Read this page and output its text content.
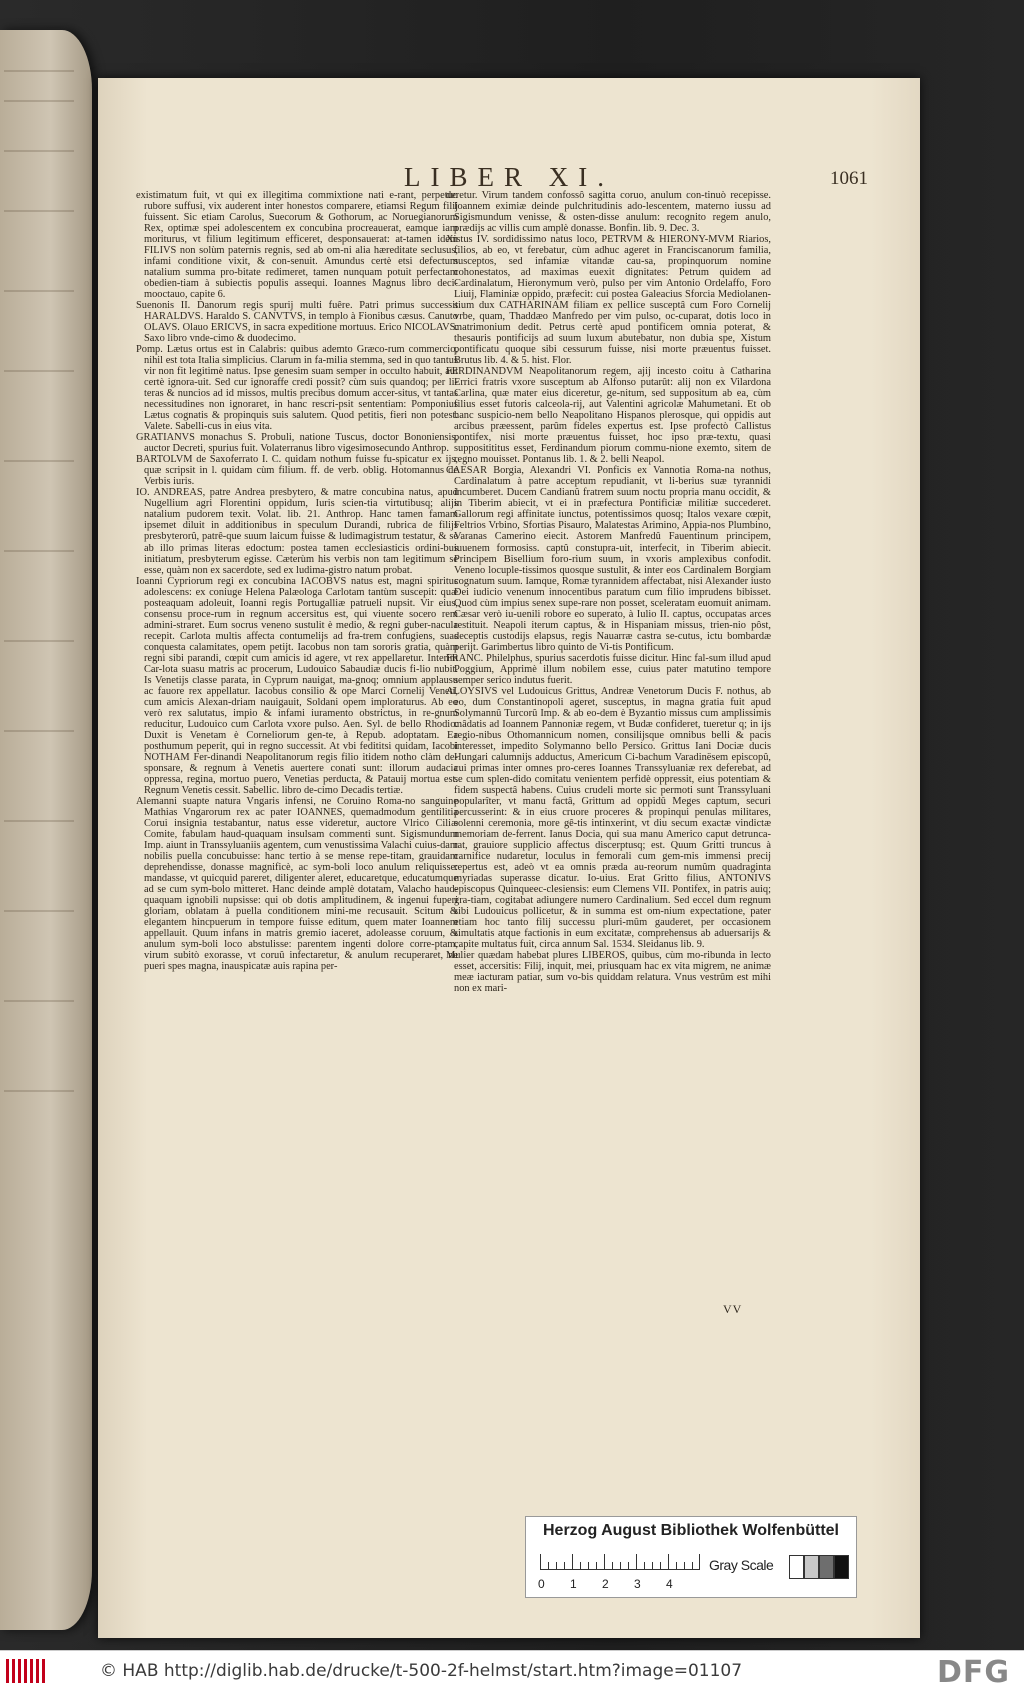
LIBER XI.	1061

existimatum fuit, vt qui ex illegitima commixtione nati e-rant, perpetuo rubore suffusi, vix auderent inter honestos comparere, etiamsi Regum filij fuissent. Sic etiam Carolus, Suecorum & Gothorum, ac Noruegianorum Rex, optimæ spei adolescentem ex concubina procreauerat, eamque iam moriturus, vt filium legitimum efficeret, desponsauerat: at-tamen idem FILIVS non solùm paternis regnis, sed ab om-ni alia hæreditate seclusus, infami conditione vixit, & con-senuit. Amundus certè etsi defectum natalium summa pro-bitate redimeret, tamen nunquam potuit perfectam obedien-tiam à subiectis populis assequi. Ioannes Magnus libro deci-mooctauo, capite 6.

Suenonis II. Danorum regis spurij multi fuêre. Patri primus successit HARALDVS. Haraldo S. CANVTVS, in templo à Fionibus cæsus. Canuto OLAVS. Olauo ERICVS, in sacra expeditione mortuus. Erico NICOLAVS. Saxo libro vnde-cimo & duodecimo.

Pomp. Lætus ortus est in Calabris: quibus ademto Græco-rum commercio, nihil est tota Italia simplicius. Clarum in fa-milia stemma, sed in quo tantus vir non fit legitimè natus. Ipse genesim suam semper in occulto habuit, aut certè ignora-uit. Sed cur ignoraffe credi possit? cùm suis quandoq; per li-teras & nuncios ad id missos, multis precibus domum accer-situs, vt tantas necessitudines non ignoraret, in hanc rescri-psit sententiam: Pomponius Lætus cognatis & propinquis suis salutem. Quod petitis, fieri non potest. Valete. Sabelli-cus in eius vita.

GRATIANVS monachus S. Probuli, natione Tuscus, doctor Bononiensis, auctor Decreti, spurius fuit. Volaterranus libro vigesimosecundo Anthrop.

BARTOLVM de Saxoferrato I. C. quidam nothum fuisse fu-spicatur ex ijs, quæ scripsit in l. quidam cùm filium. ff. de verb. oblig. Hotomannus de Verbis iuris.

IO. ANDREAS, patre Andrea presbytero, & matre concubina natus, apud Nugellium agri Florentini oppidum, Iuris scien-tia virtutibusq; alijs natalium pudorem texit. Volat. lib. 21. Anthrop. Hanc tamen famam ipsemet diluit in additionibus in speculum Durandi, rubrica de filijs presbyterorû, patrê-que suum laicum fuisse & ludimagistrum testatur, & se ab illo primas literas edoctum: postea tamen ecclesiasticis ordini-bus initiatum, presbyterum egisse. Cæterùm his verbis non tam legitimum se esse, quàm non ex sacerdote, sed ex ludima-gistro natum probat.

Ioanni Cypriorum regi ex concubina IACOBVS natus est, magni spiritus adolescens: ex coniuge Helena Palæologa Carlotam tantùm suscepit: quæ posteaquam adoleuit, Ioanni regis Portugalliæ patrueli nupsit. Vir eius, consensu proce-rum in regnum accersitus est, qui viuente socero rem admini-straret. Eum socrus veneno sustulit è medio, & regni guber-nacula recepit. Carlota multis affecta contumelijs ad fra-trem confugiens, suas conquesta calamitates, opem petijt. Iacobus non tam sororis gratia, quàm regni sibi parandi, cœpit cum amicis id agere, vt rex appellaretur. Interim Car-lota suasu matris ac procerum, Ludouico Sabaudiæ ducis fi-lio nubit. Is Venetijs classe parata, in Cyprum nauigat, ma-gnoq; omnium applausu ac fauore rex appellatur. Iacobus consilio & ope Marci Cornelij Veneti, cum amicis Alexan-driam nauigauit, Soldani opem imploraturus. Ab eo verò rex salutatus, impio & infami iuramento obstrictus, in re-gnum reducitur, Ludouico cum Carlota vxore pulso. Aen. Syl. de bello Rhodio. Duxit is Venetam è Corneliorum gen-te, à Repub. adoptatam. Ea posthumum peperit, qui in regno successit. At vbi fedititsi quidam, Iacobi NOTHAM Fer-dinandi Neapolitanorum regis filio itidem notho clàm de-sponsare, & regnum à Venetis auertere conati sunt: illorum audacia oppressa, regina, mortuo puero, Venetias perducta, & Patauij mortua est. Regnum Venetis cessit. Sabellic. libro de-cimo Decadis tertiæ.

Alemanni suapte natura Vngaris infensi, ne Coruino Roma-no sanguine Mathias Vngarorum rex ac pater IOANNES, quemadmodum gentilitia Corui insignia testabantur, natus esse videretur, auctore Vlrico Ciliæ Comite, fabulam haud-quaquam insulsam commenti sunt. Sigismundum Imp. aiunt in Transsyluaniis agentem, cum venustissima Valachi cuius-dam nobilis puella concubuisse: hanc tertio à se mense repe-titam, grauidam deprehendisse, donasse magnificè, ac sym-boli loco anulum reliquisse: mandasse, vt quicquid pareret, diligenter aleret, educaretque, educatumque ad se cum sym-bolo mitteret. Hanc deinde amplè dotatam, Valacho haud-quaquam ignobili nupsisse: qui ob dotis amplitudinem, & ingenui fuperi gloriam, oblatam à puella conditionem mini-me recusauit. Scitum & elegantem hincpuerum in tempore fuisse editum, quem mater Ioannem appellauit. Quum infans in matris gremio iaceret, adoleasse coruum, & anulum sym-boli loco abstulisse: parentem ingenti dolore corre-ptam, virum subitò exorasse, vt coruû infectaretur, & anulum recuperaret, ne pueri spes magna, inauspicatæ auis rapina per-

deretur. Virum tandem confossô sagitta coruo, anulum con-tinuò recepisse. Ioannem eximiæ deinde pulchritudinis ado-lescentem, materno iussu ad Sigismundum venisse, & osten-disse anulum: recognito regem anulo, prædijs ac villis cum amplè donasse. Bonfin. lib. 9. Dec. 3.

Xistus IV. sordidissimo natus loco, PETRVM & HIERONY-MVM Riarios, filios, ab eo, vt ferebatur, cùm adhuc ageret in Franciscanorum familia, susceptos, sed infamiæ vitandæ cau-sa, propinquorum nomine cohonestatos, ad maximas euexit dignitates: Petrum quidem ad Cardinalatum, Hieronymum verò, pulso per vim Antonio Ordelaffo, Foro Liuij, Flaminiæ oppido, præfecit: cui postea Galeacius Sforcia Mediolanen-sium dux CATHARINAM filiam ex pellice susceptâ cum Foro Cornelij vrbe, quam, Thaddæo Manfredo per vim pulso, oc-cuparat, dotis loco in matrimonium dedit. Petrus certè apud pontificem omnia poterat, & thesauris pontificijs ad suum luxum abutebatur, non dubia spe, Xistum pontificatu quoque sibi cessurum fuisse, nisi morte præuentus fuisset. Brutus lib. 4. & 5. hist. Flor.

FERDINANDVM Neapolitanorum regem, ajij incesto coitu à Catharina Errici fratris vxore susceptum ab Alfonso putarût: alij non ex Vilardona Carlina, quæ mater eius diceretur, ge-nitum, sed suppositum ab ea, cùm filius esset futoris calceola-rij, aut Valentini agricolæ Mahumetani. Et ob hanc suspicio-nem bello Neapolitano Hispanos plerosque, qui oppidis aut arcibus præessent, parûm fideles expertus est. Ipse profectò Callistus pontifex, nisi morte præuentus fuisset, hoc ipso præ-textu, quasi suppositititus esset, Ferdinandum piorum commu-nione exemto, sitem de regno mouisset. Pontanus lib. 1. & 2. belli Neapol.

CAESAR Borgia, Alexandri VI. Ponficis ex Vannotia Roma-na nothus, Cardinalatum à patre acceptum repudianit, vt li-berius suæ tyrannidi incumberet. Ducem Candianû fratrem suum noctu propria manu occidit, & in Tiberim abiecit, vt ei in præfectura Pontificiæ militiæ succederet. Gallorum regi affinitate iunctus, potentissimos quosq; Italos vexare cœpit, Feltrios Vrbino, Sfortias Pisauro, Malatestas Arimino, Appia-nos Plumbino, Varanas Camerino eiecit. Astorem Manfredû Fauentinum principem, iuuenem formosiss. captû constupra-uit, interfecit, in Tiberim abiecit. Principem Bisellium foro-rium suum, in vxoris amplexibus confodit. Veneno locuple-tissimos quosque sustulit, & inter eos Cardinalem Borgiam cognatum suum. Iamque, Romæ tyrannidem affectabat, nisi Alexander iusto Dei iudicio venenum innocentibus paratum cum filio imprudens bibisset. Quod cùm impius senex supe-rare non posset, sceleratam euomuit animam. Cæsar verò iu-uenili robore eo superato, à Iulio II. captus, occupatas arces restituit. Neapoli iterum captus, & in Hispaniam missus, trien-nio pôst, deceptis custodijs elapsus, regis Nauarræ castra se-cutus, ictu bombardæ perijt. Garimbertus libro quinto de Vi-tis Pontificum.

FRANC. Philelphus, spurius sacerdotis fuisse dicitur. Hinc fal-sum illud apud Poggium, Apprimè illum nobilem esse, cuius pater matutino tempore semper serico indutus fuerit.

ALOYSIVS vel Ludouicus Grittus, Andreæ Venetorum Ducis F. nothus, ab eo, dum Constantinopoli ageret, susceptus, in magna gratia fuit apud Solymannû Turcorû Imp. & ab eo-dem è Byzantio missus cum amplissimis mâdatis ad Ioannem Pannoniæ regem, vt Budæ confideret, tueretur q; in ijs regio-nibus Othomannicum nomen, consilijsque omnibus belli & pacis interesset, impedito Solymanno bello Persico. Grittus Iani Dociæ ducis Hungari calumnijs adductus, Americum Ci-bachum Varadinësem episcopû, cui primas inter omnes pro-ceres Ioannes Transsyluaniæ rex deferebat, ad se cum splen-dido comitatu venientem perfidè oppressit, eius potentiam & fidem suspectâ habens. Cuius crudeli morte sic permoti sunt Transsyluani popularîter, vt manu factâ, Grittum ad oppidû Meges captum, securi percusserint: & in eius cruore proceres & propinqui penulas militares, solenni ceremonia, more gê-tis intinxerint, vt diu secum exactæ vindictæ memoriam de-ferrent. Ianus Docia, qui sua manu Americo caput detrunca-rat, grauiore supplicio affectus discerptusq; est. Quum Gritti truncus à carnifice nudaretur, loculus in femorali cum gem-mis immensi precij repertus est, adeò vt ea omnis præda au-reorum numûm quadraginta myriadas superasse dicatur. Io-uius. Erat Gritto filius, ANTONIVS episcopus Quinqueec-clesiensis: eum Clemens VII. Pontifex, in patris auiq; gra-tiam, cogitabat adiungere numero Cardinalium. Sed eccel dum regnum sibi Ludouicus pollicetur, & in summa est om-nium expectatione, pater etiam hoc tanto filij successu pluri-mûm gauderet, per occasionem simultatis atque factionis in eum excitatæ, comprehensus ab aduersarijs & capite multatus fuit, circa annum Sal. 1534. Sleidanus lib. 9.

Mulier quædam habebat plures LIBEROS, quibus, cùm mo-ribunda in lecto esset, accersitis: Filij, inquit, mei, priusquam hac ex vita migrem, ne animæ meæ iacturam patiar, sum vo-bis quiddam relatura. Vnus vestrûm est mihi non ex mari-

VV
Herzog August Bibliothek Wolfenbüttel
0 1 2 3 4
Gray Scale
© HAB http://diglib.hab.de/drucke/t-500-2f-helmst/start.htm?image=01107	DFG
